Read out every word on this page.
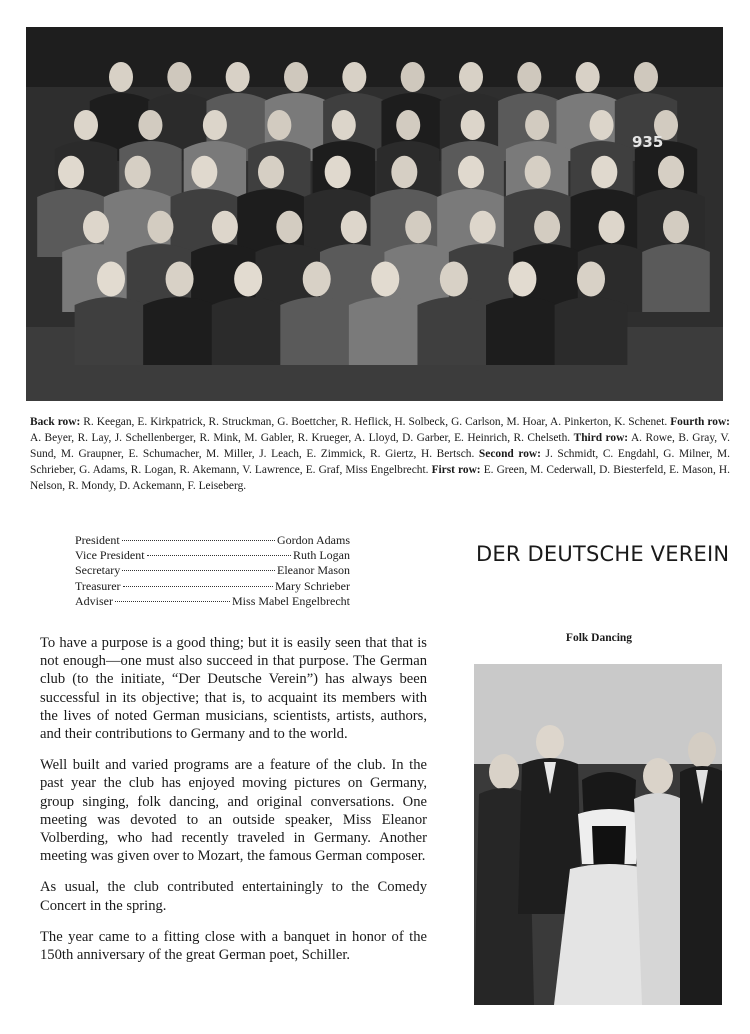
935
Back row: R. Keegan, E. Kirkpatrick, R. Struckman, G. Boettcher, R. Heflick, H. Solbeck, G. Carlson, M. Hoar, A. Pinkerton, K. Schenet. Fourth row: A. Beyer, R. Lay, J. Schellenberger, R. Mink, M. Gabler, R. Krueger, A. Lloyd, D. Garber, E. Heinrich, R. Chelseth. Third row: A. Rowe, B. Gray, V. Sund, M. Graupner, E. Schumacher, M. Miller, J. Leach, E. Zimmick, R. Giertz, H. Bertsch. Second row: J. Schmidt, C. Engdahl, G. Milner, M. Schrieber, G. Adams, R. Logan, R. Akemann, V. Lawrence, E. Graf, Miss Engelbrecht. First row: E. Green, M. Cederwall, D. Biesterfeld, E. Mason, H. Nelson, R. Mondy, D. Ackemann, F. Leiseberg.
President	Gordon Adams
Vice President	Ruth Logan
Secretary	Eleanor Mason
Treasurer	Mary Schrieber
Adviser	Miss Mabel Engelbrecht
DER DEUTSCHE VEREIN
Folk Dancing

To have a purpose is a good thing; but it is easily seen that that is not enough—one must also succeed in that purpose. The German club (to the initiate, “Der Deutsche Verein”) has always been successful in its objective; that is, to acquaint its members with the lives of noted German musicians, scientists, artists, authors, and their contributions to Germany and to the world.

Well built and varied programs are a feature of the club. In the past year the club has enjoyed moving pictures on Germany, group singing, folk dancing, and original conversations. One meeting was devoted to an outside speaker, Miss Eleanor Volberding, who had recently traveled in Germany. Another meeting was given over to Mozart, the famous German composer.

As usual, the club contributed entertainingly to the Comedy Concert in the spring.

The year came to a fitting close with a banquet in honor of the 150th anniversary of the great German poet, Schiller.
